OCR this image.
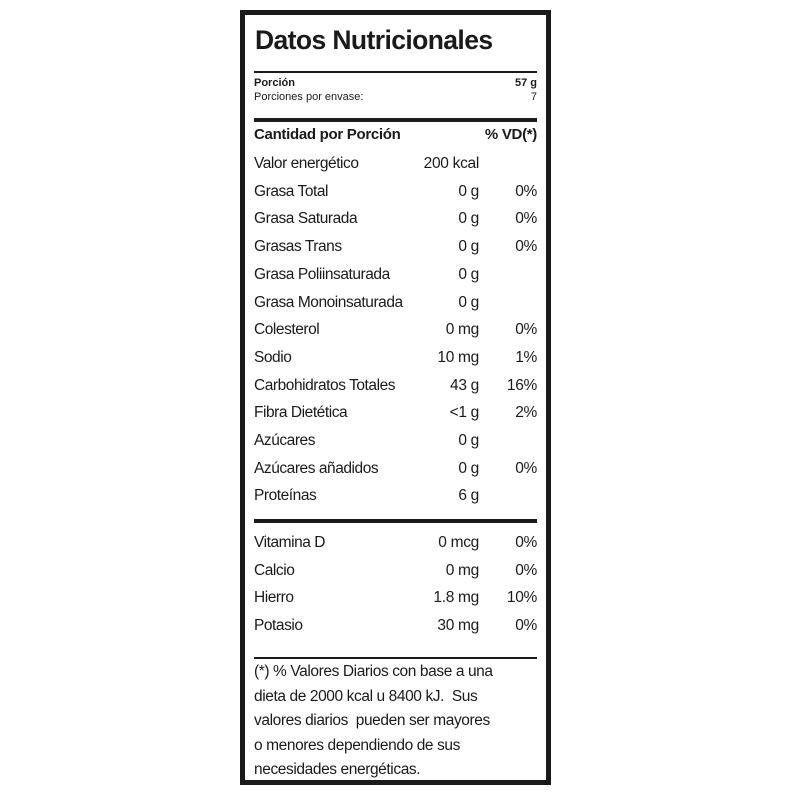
Datos Nutricionales
Porción	57 g
Porciones por envase:	7
Cantidad por Porción	% VD(*)
Valor energético	200 kcal
Grasa Total	0 g 0%
Grasa Saturada	0 g 0%
Grasas Trans	0 g 0%
Grasa Poliinsaturada	0 g
Grasa Monoinsaturada	0 g
Colesterol	0 mg 0%
Sodio	10 mg 1%
Carbohidratos Totales	43 g 16%
Fibra Dietética	<1 g 2%
Azúcares	0 g
Azúcares añadidos	0 g 0%
Proteínas	6 g
Vitamina D	0 mcg 0%
Calcio	0 mg 0%
Hierro	1.8 mg 10%
Potasio	30 mg 0%
(*) % Valores Diarios con base a una
dieta de 2000 kcal u 8400 kJ.  Sus
valores diarios  pueden ser mayores
o menores dependiendo de sus
necesidades energéticas.
